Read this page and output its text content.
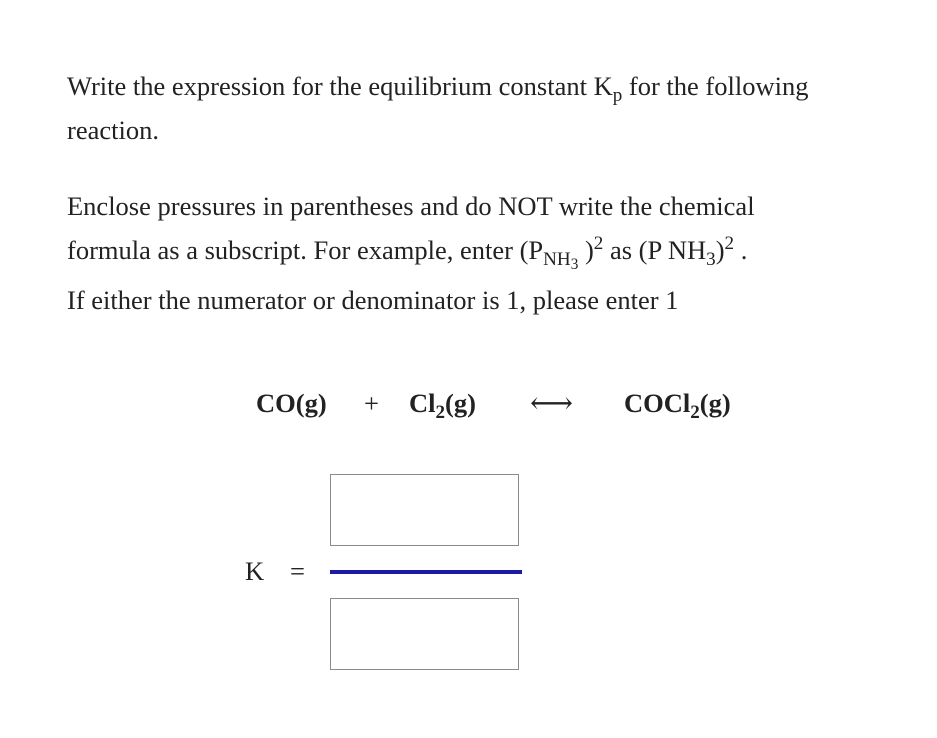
Write the expression for the equilibrium constant $K_p$ for the following
reaction.
Enclose pressures in parentheses and do NOT write the chemical
formula as a subscript. For example, enter ($P_{NH_3}$ )$^2$ as (P $NH_3)^2$ .
If either the numerator or denominator is 1, please enter 1
$CO(g) + Cl_2(g)$ ⟷ COCl$_2$(g)
K =
